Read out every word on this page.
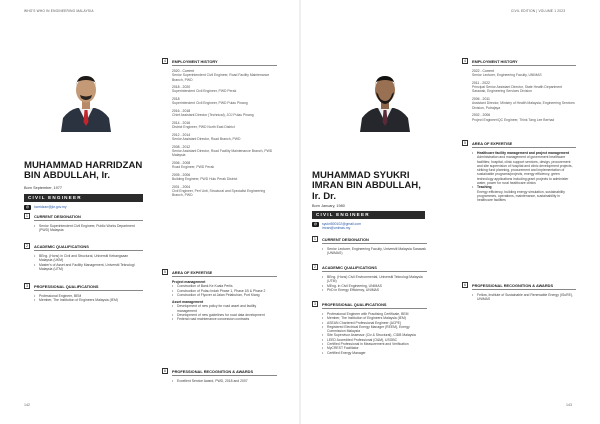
WHO'S WHO IN ENGINEERING MALAYSIA	CIVIL EDITION | VOLUME 1 2023
MUHAMMAD HARRIDZAN
BIN ABDULLAH, Ir.
Born September, 1977
CIVIL ENGINEER
@	harridzan@jkr.gov.my
1	CURRENT DESIGNATION
• Senior Superintendent Civil Engineer, Public Works Department (PWD) Malaysia
2	ACADEMIC QUALIFICATIONS
• BEng. (Hons) in Civil and Structural, Universiti Kebangsaan Malaysia (UKM)
• Master's of Asset and Facility Management, Universiti Teknologi Malaysia (UTM)
3	PROFESSIONAL QUALIFICATIONS
• Professional Engineer, BEM
• Member, The Institution of Engineers Malaysia (IEM)
4	EMPLOYMENT HISTORY
2020 - Current
Senior Superintendent Civil Engineer, Road Facility Maintenance Branch, PWD
2018 - 2020
Superintendent Civil Engineer, PWD Perak
2018
Superintendent Civil Engineer, PWD Pulau Pinang
2016 - 2018
Chief Assistant Director (Technical), JOJ Pulau Pinang
2014 - 2016
District Engineer, PWD North East District
2012 - 2014
Senior Assistant Director, Road Branch, PWD
2008 - 2012
Senior Assistant Director, Road Facility Maintenance Branch, PWD Malaysia
2006 - 2008
Road Engineer, PWD Perak
2005 - 2006
Building Engineer, PWD Hulu Perak District
2001 - 2004
Civil Engineer, Perl Unit, Structural and Specialist Engineering Branch, PWD
5	AREA OF EXPERTISE
Project management
• Construction of Bank Ke Kuala Perlis
• Construction of Pulau Indah Phase 1, Phase 1B & Phase 2
• Construction of Flyover at Jalan Pelabuhan, Port Klang
Asset management
• Development of new policy for road asset and facility management
• Development of new guidelines for road data development
• Federal road maintenance concession contracts
6	PROFESSIONAL RECOGNITION & AWARDS
• Excellent Service Award, PWD, 2018 and 2007
142
MUHAMMAD SYUKRI
IMRAN BIN ABDULLAH,
Ir. Dr.
Born January, 1980
CIVIL ENGINEER
@	syukri800102@gmail.com
imran@unimas.my
1	CURRENT DESIGNATION
• Senior Lecturer, Engineering Faculty, Universiti Malaysia Sarawak (UNIMAS)
2	ACADEMIC QUALIFICATIONS
• BEng. (Hons) Civil Environmental, Universiti Teknologi Malaysia (UTM)
• MEng. in Civil Engineering, UNIMAS
• PhD in Energy Efficiency, UNIMAS
3	PROFESSIONAL QUALIFICATIONS
• Professional Engineer with Practising Certificate, BEM
• Member, The Institution of Engineers Malaysia (IEM)
• ASEAN Chartered Professional Engineer (ACPE)
• Registered Electrical Energy Manager (REEM), Energy Commission Malaysia
• Site Supervisor Assessor (Civ & Structural), CIDB Malaysia
• LEED Accredited Professional (O&M), USGBC
• Certified Professional in Measurement and Verification
• MyCREST Facilitator
• Certified Energy Manager
4	EMPLOYMENT HISTORY
2022 - Current
Senior Lecturer, Engineering Faculty, UNIMAS
2011 - 2022
Principal Senior Assistant Director, State Health Department Sarawak, Engineering Services Division
2006 - 2011
Assistant Director, Ministry of Health Malaysia, Engineering Services Division, Putrajaya
2002 - 2006
Project Engineer/QC Engineer, Think Tang Lee Berhad
5	AREA OF EXPERTISE
• Healthcare facility management and project management
Administration and management of government healthcare facilities; hospital, clinic support services, design, procurement and site supervision of hospital and clinic development projects, striking fund planning, procurement and implementation of sustainable programs/projects, energy efficiency, green technology applications including grant projects to administer water, power for rural healthcare clinics
• Teaching
Energy efficiency, building energy simulation, sustainability programmes, operations, maintenance, sustainability in healthcare facilities
6	PROFESSIONAL RECOGNITION & AWARDS
• Fellow, Institute of Sustainable and Renewable Energy (ISuRE), UNIMAS
143
